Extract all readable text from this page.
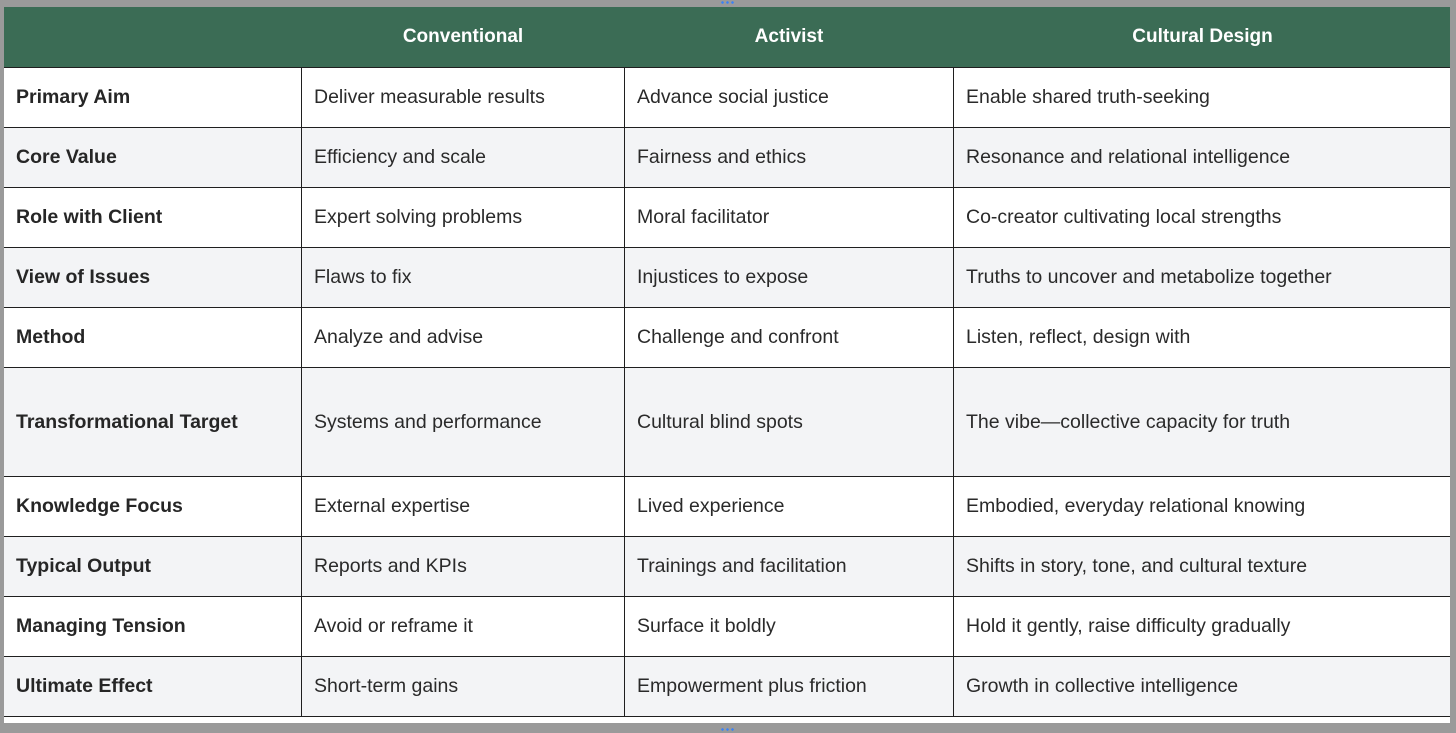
	Conventional	Activist	Cultural Design
Primary Aim	Deliver measurable results	Advance social justice	Enable shared truth-seeking
Core Value	Efficiency and scale	Fairness and ethics	Resonance and relational intelligence
Role with Client	Expert solving problems	Moral facilitator	Co-creator cultivating local strengths
View of Issues	Flaws to fix	Injustices to expose	Truths to uncover and metabolize together
Method	Analyze and advise	Challenge and confront	Listen, reflect, design with
Transformational Target	Systems and performance	Cultural blind spots	The vibe—collective capacity for truth
Knowledge Focus	External expertise	Lived experience	Embodied, everyday relational knowing
Typical Output	Reports and KPIs	Trainings and facilitation	Shifts in story, tone, and cultural texture
Managing Tension	Avoid or reframe it	Surface it boldly	Hold it gently, raise difficulty gradually
Ultimate Effect	Short-term gains	Empowerment plus friction	Growth in collective intelligence
